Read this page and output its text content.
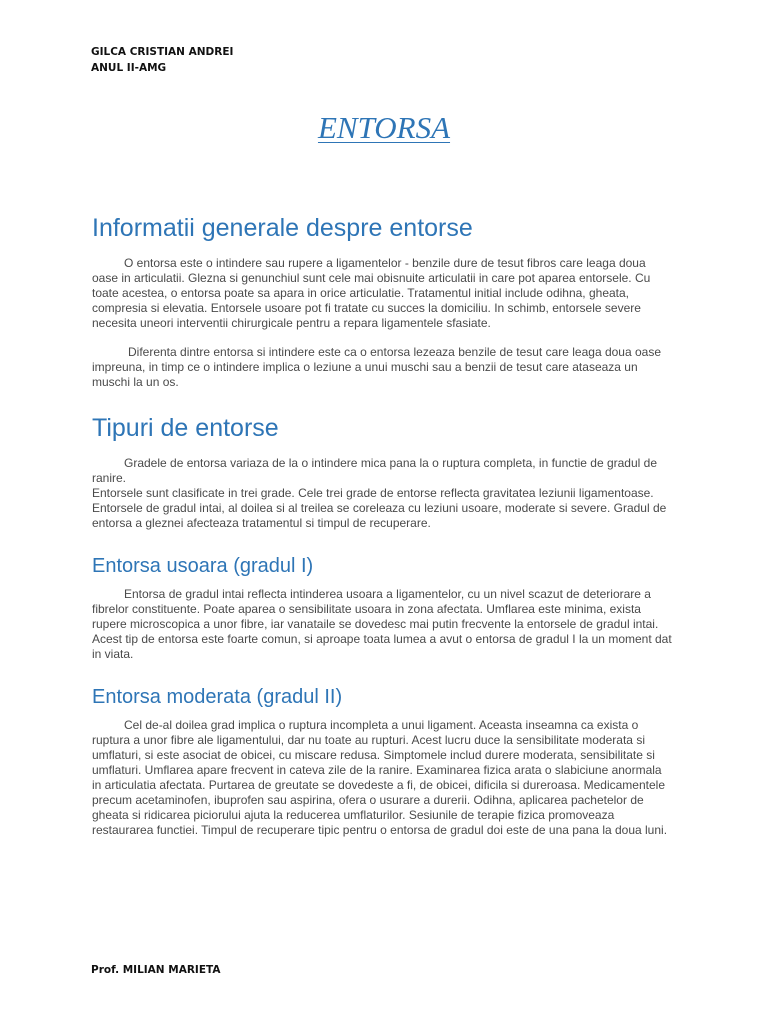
GILCA CRISTIAN ANDREI
ANUL II-AMG
ENTORSA
Informatii generale despre entorse

O entorsa este o intindere sau rupere a ligamentelor - benzile dure de tesut fibros care leaga doua oase in articulatii. Glezna si genunchiul sunt cele mai obisnuite articulatii in care pot aparea entorsele. Cu toate acestea, o entorsa poate sa apara in orice articulatie. Tratamentul initial include odihna, gheata, compresia si elevatia. Entorsele usoare pot fi tratate cu succes la domiciliu. In schimb, entorsele severe necesita uneori interventii chirurgicale pentru a repara ligamentele sfasiate.

Diferenta dintre entorsa si intindere este ca o entorsa lezeaza benzile de tesut care leaga doua oase impreuna, in timp ce o intindere implica o leziune a unui muschi sau a benzii de tesut care ataseaza un muschi la un os.

Tipuri de entorse

Gradele de entorsa variaza de la o intindere mica pana la o ruptura completa, in functie de gradul de ranire.

Entorsele sunt clasificate in trei grade. Cele trei grade de entorse reflecta gravitatea leziunii ligamentoase. Entorsele de gradul intai, al doilea si al treilea se coreleaza cu leziuni usoare, moderate si severe. Gradul de entorsa a gleznei afecteaza tratamentul si timpul de recuperare.

Entorsa usoara (gradul I)

Entorsa de gradul intai reflecta intinderea usoara a ligamentelor, cu un nivel scazut de deteriorare a fibrelor constituente. Poate aparea o sensibilitate usoara in zona afectata. Umflarea este minima, exista rupere microscopica a unor fibre, iar vanataile se dovedesc mai putin frecvente la entorsele de gradul intai. Acest tip de entorsa este foarte comun, si aproape toata lumea a avut o entorsa de gradul I la un moment dat in viata.

Entorsa moderata (gradul II)

Cel de-al doilea grad implica o ruptura incompleta a unui ligament. Aceasta inseamna ca exista o ruptura a unor fibre ale ligamentului, dar nu toate au rupturi. Acest lucru duce la sensibilitate moderata si umflaturi, si este asociat de obicei, cu miscare redusa. Simptomele includ durere moderata, sensibilitate si umflaturi. Umflarea apare frecvent in cateva zile de la ranire. Examinarea fizica arata o slabiciune anormala in articulatia afectata. Purtarea de greutate se dovedeste a fi, de obicei, dificila si dureroasa. Medicamentele precum acetaminofen, ibuprofen sau aspirina, ofera o usurare a durerii. Odihna, aplicarea pachetelor de gheata si ridicarea piciorului ajuta la reducerea umflaturilor. Sesiunile de terapie fizica promoveaza restaurarea functiei. Timpul de recuperare tipic pentru o entorsa de gradul doi este de una pana la doua luni.

Prof. MILIAN MARIETA
